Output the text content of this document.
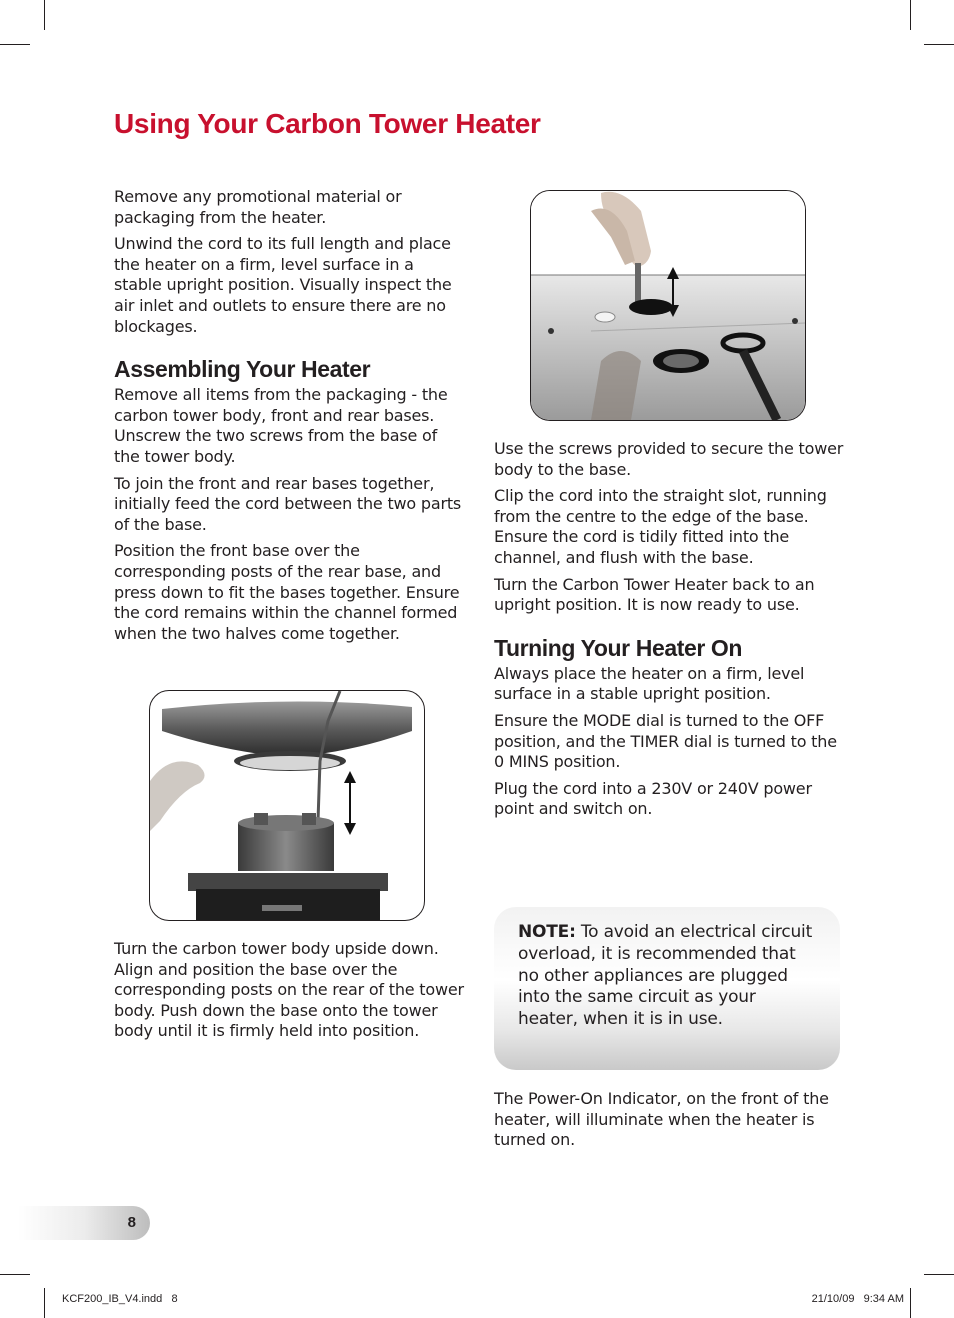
Using Your Carbon Tower Heater

Remove any promotional material or packaging from the heater.

Unwind the cord to its full length and place the heater on a firm, level surface in a stable upright position. Visually inspect the air inlet and outlets to ensure there are no blockages.

Assembling Your Heater

Remove all items from the packaging - the carbon tower body, front and rear bases. Unscrew the two screws from the base of the tower body.

To join the front and rear bases together, initially feed the cord between the two parts of the base.

Position the front base over the corresponding posts of the rear base, and press down to fit the bases together. Ensure the cord remains within the channel formed when the two halves come together.

Turn the carbon tower body upside down. Align and position the base over the corresponding posts on the rear of the tower body. Push down the base onto the tower body until it is firmly held into position.

Use the screws provided to secure the tower body to the base.

Clip the cord into the straight slot, running from the centre to the edge of the base. Ensure the cord is tidily fitted into the channel, and flush with the base.

Turn the Carbon Tower Heater back to an upright position. It is now ready to use.

Turning Your Heater On

Always place the heater on a firm, level surface in a stable upright position.

Ensure the MODE dial is turned to the OFF position, and the TIMER dial is turned to the 0 MINS position.

Plug the cord into a 230V or 240V power point and switch on.

NOTE: To avoid an electrical circuit overload, it is recommended that no other appliances are plugged into the same circuit as your heater, when it is in use.

The Power-On Indicator, on the front of the heater, will illuminate when the heater is turned on.

8
KCF200_IB_V4.indd   8	21/10/09   9:34 AM
